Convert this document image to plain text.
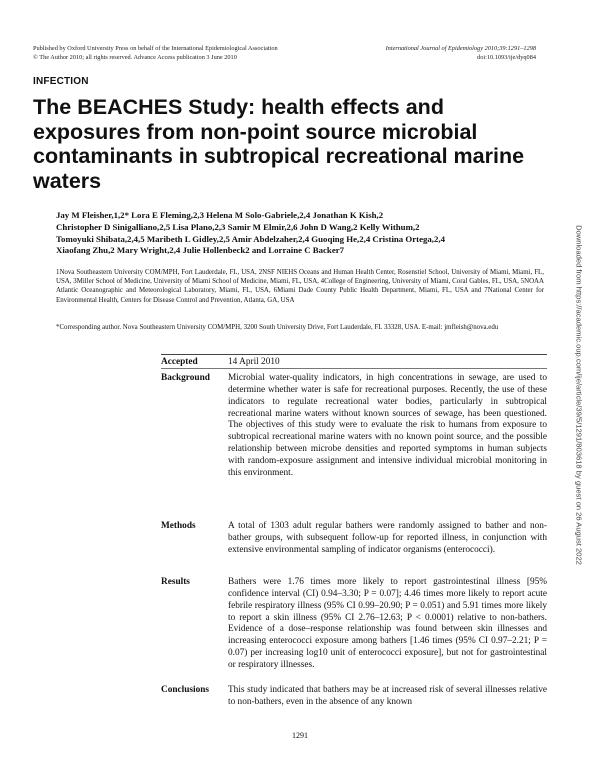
Published by Oxford University Press on behalf of the International Epidemiological Association
© The Author 2010; all rights reserved. Advance Access publication 3 June 2010
International Journal of Epidemiology 2010;39:1291–1298
doi:10.1093/ije/dyq084
INFECTION
The BEACHES Study: health effects and exposures from non-point source microbial contaminants in subtropical recreational marine waters
Jay M Fleisher,1,2* Lora E Fleming,2,3 Helena M Solo-Gabriele,2,4 Jonathan K Kish,2
Christopher D Sinigalliano,2,5 Lisa Plano,2,3 Samir M Elmir,2,6 John D Wang,2 Kelly Withum,2
Tomoyuki Shibata,2,4,5 Maribeth L Gidley,2,5 Amir Abdelzaher,2,4 Guoqing He,2,4 Cristina Ortega,2,4
Xiaofang Zhu,2 Mary Wright,2,4 Julie Hollenbeck2 and Lorraine C Backer7
1Nova Southeastern University COM/MPH, Fort Lauderdale, FL, USA, 2NSF NIEHS Oceans and Human Health Center, Rosenstiel School, University of Miami, Miami, FL, USA, 3Miller School of Medicine, University of Miami School of Medicine, Miami, FL, USA, 4College of Engineering, University of Miami, Coral Gables, FL, USA, 5NOAA Atlantic Oceanographic and Meteorological Laboratory, Miami, FL, USA, 6Miami Dade County Public Health Department, Miami, FL, USA and 7National Center for Environmental Health, Centers for Disease Control and Prevention, Atlanta, GA, USA
*Corresponding author. Nova Southeastern University COM/MPH, 3200 South University Drive, Fort Lauderdale, FL 33328, USA. E-mail: jmfleish@nova.edu
Accepted	14 April 2010
Background	Microbial water-quality indicators, in high concentrations in sewage, are used to determine whether water is safe for recreational purposes. Recently, the use of these indicators to regulate recreational water bodies, particularly in subtropical recreational marine waters without known sources of sewage, has been questioned. The objectives of this study were to evaluate the risk to humans from exposure to subtropical recreational marine waters with no known point source, and the possible relationship between microbe densities and reported symptoms in human subjects with random-exposure assignment and intensive individual microbial monitoring in this environment.
Methods	A total of 1303 adult regular bathers were randomly assigned to bather and non-bather groups, with subsequent follow-up for reported illness, in conjunction with extensive environmental sampling of indicator organisms (enterococci).
Results	Bathers were 1.76 times more likely to report gastrointestinal illness [95% confidence interval (CI) 0.94–3.30; P = 0.07]; 4.46 times more likely to report acute febrile respiratory illness (95% CI 0.99–20.90; P = 0.051) and 5.91 times more likely to report a skin illness (95% CI 2.76–12.63; P < 0.0001) relative to non-bathers. Evidence of a dose–response relationship was found between skin illnesses and increasing enterococci exposure among bathers [1.46 times (95% CI 0.97–2.21; P = 0.07) per increasing log10 unit of enterococci exposure], but not for gastrointestinal or respiratory illnesses.
Conclusions	This study indicated that bathers may be at increased risk of several illnesses relative to non-bathers, even in the absence of any known
Downloaded from https://academic.oup.com/ije/article/39/5/1291/803618 by guest on 26 August 2022
1291
